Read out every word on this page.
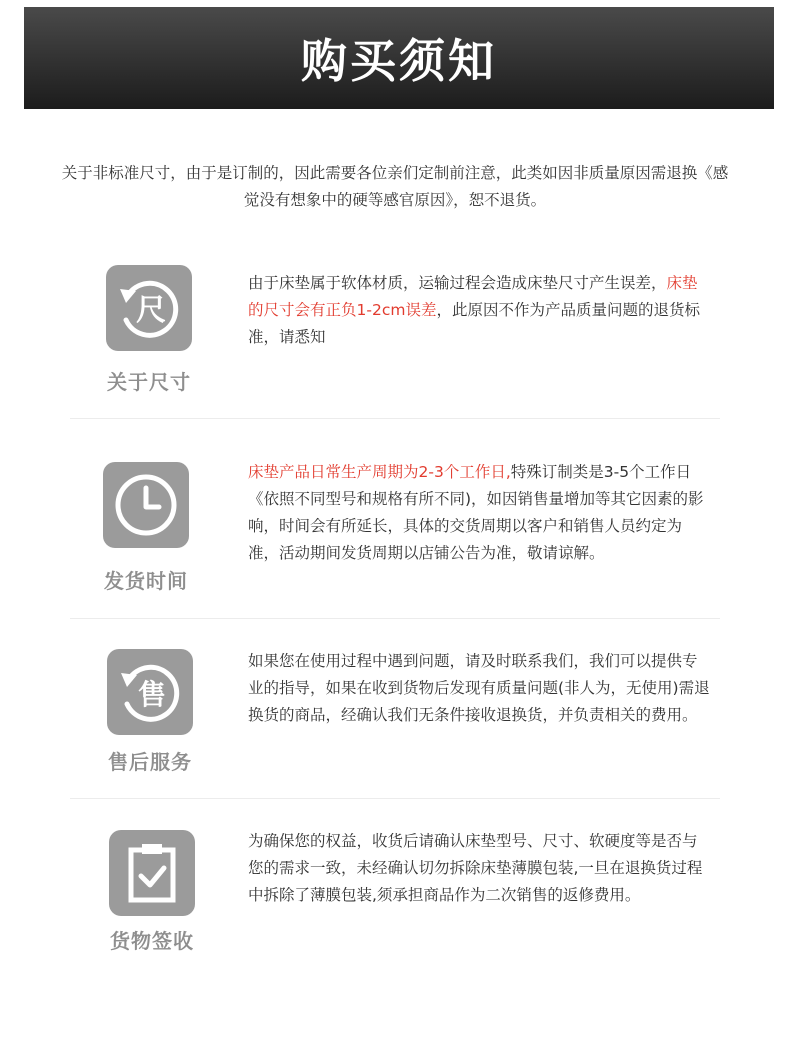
购买须知
关于非标准尺寸，由于是订制的，因此需要各位亲们定制前注意，此类如因非质量原因需退换《感觉没有想象中的硬等感官原因》，恕不退货。
尺
关于尺寸
由于床垫属于软体材质，运输过程会造成床垫尺寸产生误差，床垫的尺寸会有正负1-2cm误差，此原因不作为产品质量问题的退货标准，请悉知
发货时间
床垫产品日常生产周期为2-3个工作日,特殊订制类是3-5个工作日《依照不同型号和规格有所不同)，如因销售量增加等其它因素的影响，时间会有所延长，具体的交货周期以客户和销售人员约定为准，活动期间发货周期以店铺公告为准，敬请谅解。
售
售后服务
如果您在使用过程中遇到问题，请及时联系我们，我们可以提供专业的指导，如果在收到货物后发现有质量问题(非人为，无使用)需退换货的商品，经确认我们无条件接收退换货，并负责相关的费用。
货物签收
为确保您的权益，收货后请确认床垫型号、尺寸、软硬度等是否与您的需求一致，未经确认切勿拆除床垫薄膜包装,一旦在退换货过程中拆除了薄膜包装,须承担商品作为二次销售的返修费用。
